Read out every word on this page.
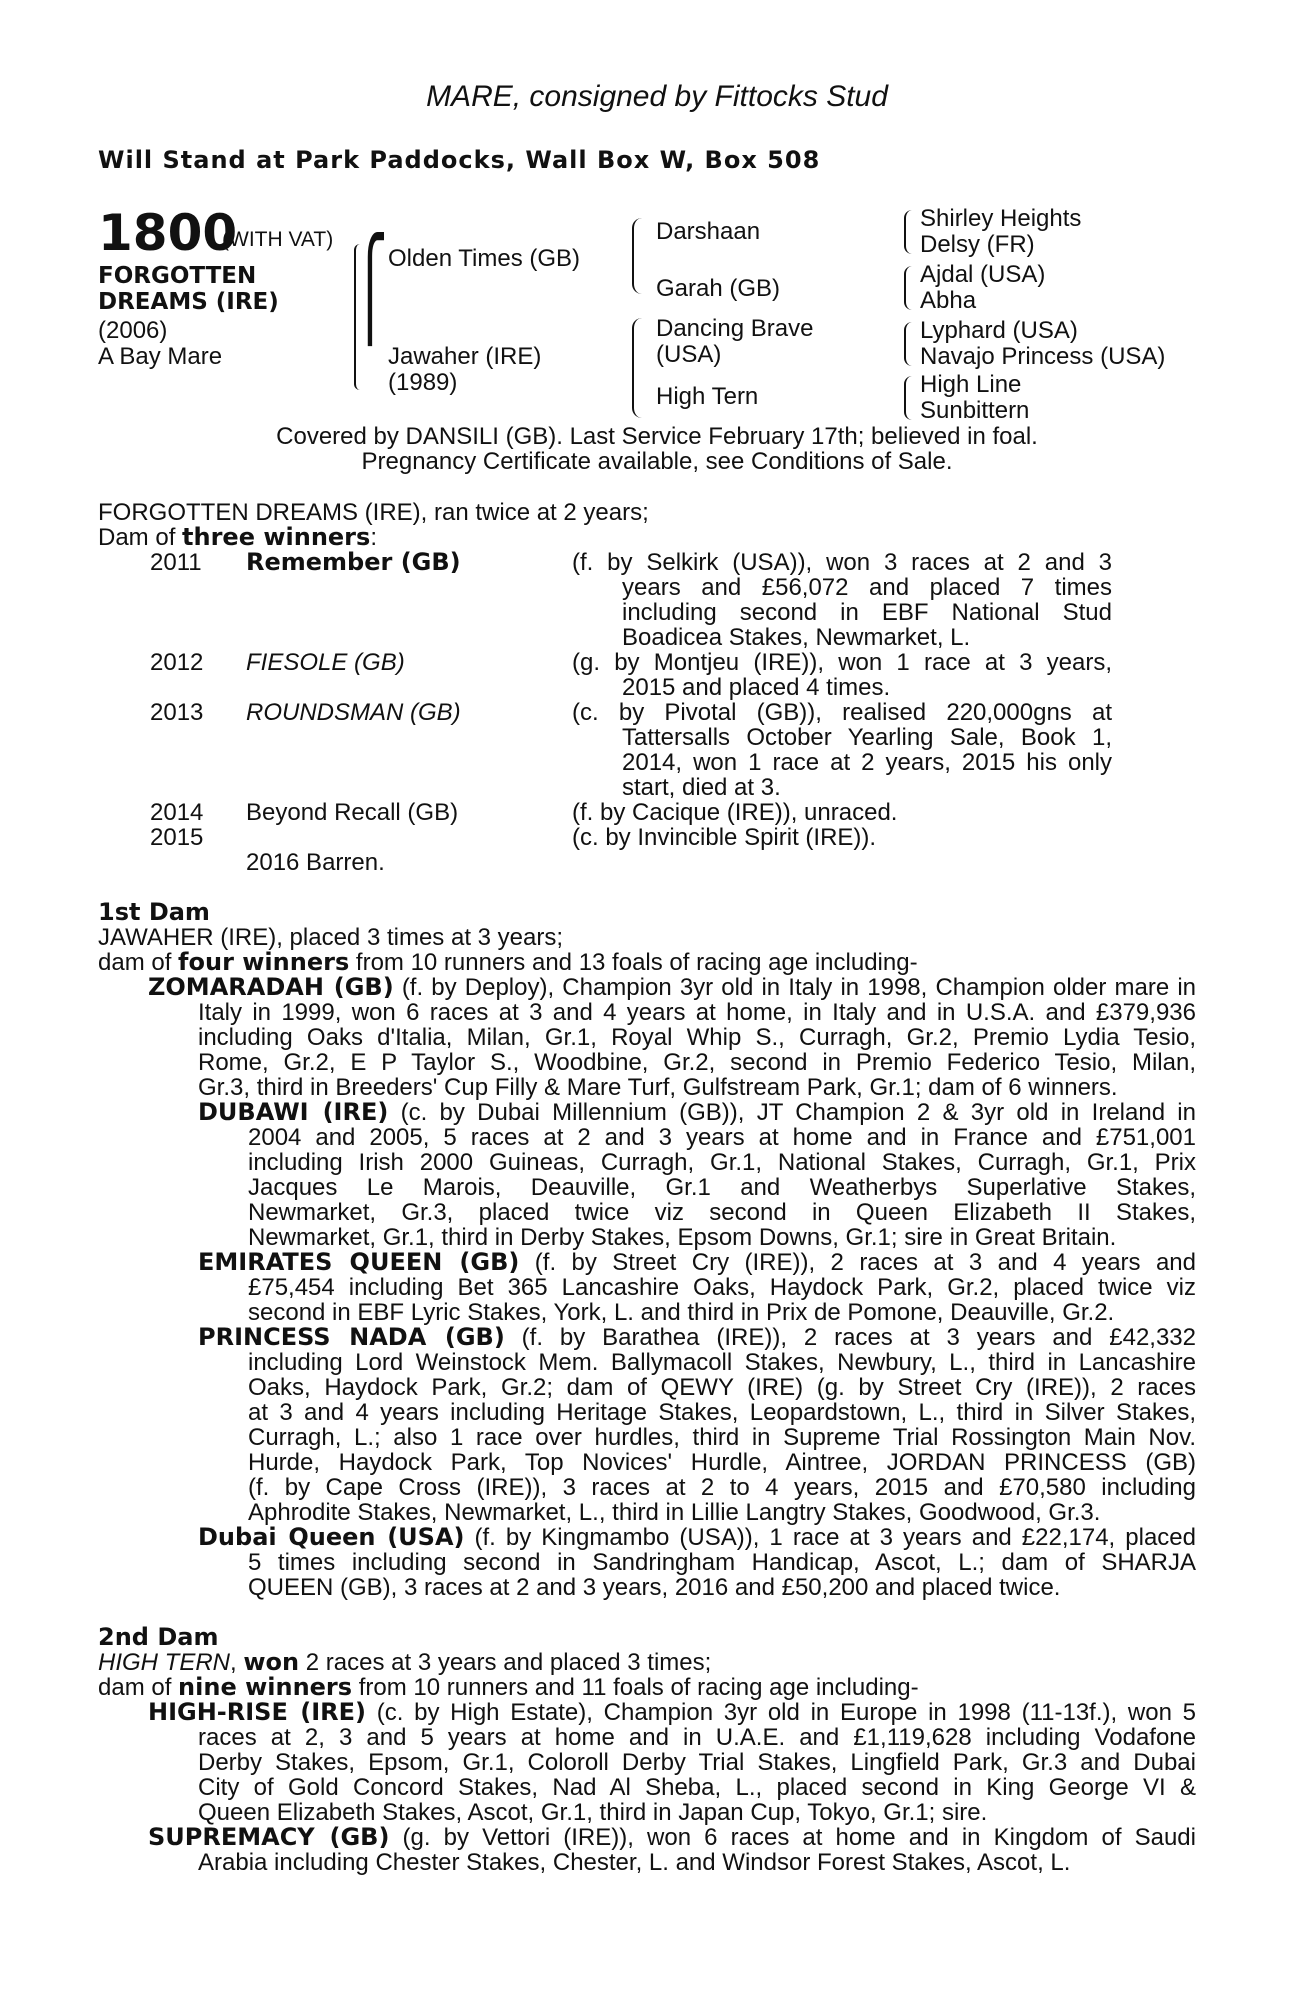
MARE, consigned by Fittocks Stud
Will Stand at Park Paddocks, Wall Box W, Box 508
1800
(WITH VAT)
FORGOTTEN
DREAMS (IRE)
(2006)
A Bay Mare
⎧ Olden Times (GB)
Jawaher (IRE)
(1989)
Darshaan
Garah (GB)
Dancing Brave
(USA)
High Tern
Shirley Heights
Delsy (FR)
Ajdal (USA)
Abha
Lyphard (USA)
Navajo Princess (USA)
High Line
Sunbittern
Covered by DANSILI (GB). Last Service February 17th; believed in foal.
Pregnancy Certificate available, see Conditions of Sale.
FORGOTTEN DREAMS (IRE), ran twice at 2 years;
Dam of three winners:
2011 Remember (GB)	(f. by Selkirk (USA)), won 3 races at 2 and 3
years and £56,072 and placed 7 times
including second in EBF National Stud
Boadicea Stakes, Newmarket, L.
2012 FIESOLE (GB)	(g. by Montjeu (IRE)), won 1 race at 3 years,
2015 and placed 4 times.
2013 ROUNDSMAN (GB)	(c. by Pivotal (GB)), realised 220,000gns at
Tattersalls October Yearling Sale, Book 1,
2014, won 1 race at 2 years, 2015 his only
start, died at 3.
2014 Beyond Recall (GB)	(f. by Cacique (IRE)), unraced.
2015	(c. by Invincible Spirit (IRE)).
2016 Barren.
1st Dam
JAWAHER (IRE), placed 3 times at 3 years;
dam of four winners from 10 runners and 13 foals of racing age including-
ZOMARADAH (GB) (f. by Deploy), Champion 3yr old in Italy in 1998, Champion older mare in
Italy in 1999, won 6 races at 3 and 4 years at home, in Italy and in U.S.A. and £379,936
including Oaks d'Italia, Milan, Gr.1, Royal Whip S., Curragh, Gr.2, Premio Lydia Tesio,
Rome, Gr.2, E P Taylor S., Woodbine, Gr.2, second in Premio Federico Tesio, Milan,
Gr.3, third in Breeders' Cup Filly & Mare Turf, Gulfstream Park, Gr.1; dam of 6 winners.
DUBAWI (IRE) (c. by Dubai Millennium (GB)), JT Champion 2 & 3yr old in Ireland in
2004 and 2005, 5 races at 2 and 3 years at home and in France and £751,001
including Irish 2000 Guineas, Curragh, Gr.1, National Stakes, Curragh, Gr.1, Prix
Jacques Le Marois, Deauville, Gr.1 and Weatherbys Superlative Stakes,
Newmarket, Gr.3, placed twice viz second in Queen Elizabeth II Stakes,
Newmarket, Gr.1, third in Derby Stakes, Epsom Downs, Gr.1; sire in Great Britain.
EMIRATES QUEEN (GB) (f. by Street Cry (IRE)), 2 races at 3 and 4 years and
£75,454 including Bet 365 Lancashire Oaks, Haydock Park, Gr.2, placed twice viz
second in EBF Lyric Stakes, York, L. and third in Prix de Pomone, Deauville, Gr.2.
PRINCESS NADA (GB) (f. by Barathea (IRE)), 2 races at 3 years and £42,332
including Lord Weinstock Mem. Ballymacoll Stakes, Newbury, L., third in Lancashire
Oaks, Haydock Park, Gr.2; dam of QEWY (IRE) (g. by Street Cry (IRE)), 2 races
at 3 and 4 years including Heritage Stakes, Leopardstown, L., third in Silver Stakes,
Curragh, L.; also 1 race over hurdles, third in Supreme Trial Rossington Main Nov.
Hurde, Haydock Park, Top Novices' Hurdle, Aintree, JORDAN PRINCESS (GB)
(f. by Cape Cross (IRE)), 3 races at 2 to 4 years, 2015 and £70,580 including
Aphrodite Stakes, Newmarket, L., third in Lillie Langtry Stakes, Goodwood, Gr.3.
Dubai Queen (USA) (f. by Kingmambo (USA)), 1 race at 3 years and £22,174, placed
5 times including second in Sandringham Handicap, Ascot, L.; dam of SHARJA
QUEEN (GB), 3 races at 2 and 3 years, 2016 and £50,200 and placed twice.
2nd Dam
HIGH TERN, won 2 races at 3 years and placed 3 times;
dam of nine winners from 10 runners and 11 foals of racing age including-
HIGH-RISE (IRE) (c. by High Estate), Champion 3yr old in Europe in 1998 (11-13f.), won 5
races at 2, 3 and 5 years at home and in U.A.E. and £1,119,628 including Vodafone
Derby Stakes, Epsom, Gr.1, Coloroll Derby Trial Stakes, Lingfield Park, Gr.3 and Dubai
City of Gold Concord Stakes, Nad Al Sheba, L., placed second in King George VI &
Queen Elizabeth Stakes, Ascot, Gr.1, third in Japan Cup, Tokyo, Gr.1; sire.
SUPREMACY (GB) (g. by Vettori (IRE)), won 6 races at home and in Kingdom of Saudi
Arabia including Chester Stakes, Chester, L. and Windsor Forest Stakes, Ascot, L.
